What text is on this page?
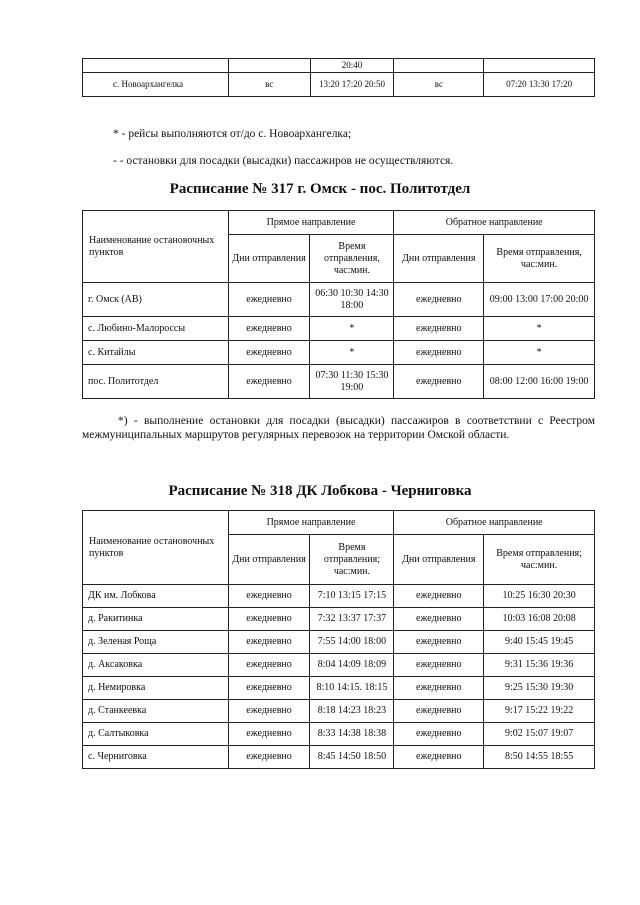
		20:40		
с. Новоархангелка	вс	13:20 17:20 20:50	вс	07:20 13:30 17:20
* - рейсы выполняются от/до с. Новоархангелка;
- - остановки для посадки (высадки) пассажиров не осуществляются.
Расписание № 317 г. Омск - пос. Политотдел
Наименование остановочных пунктов	Прямое направление		Обратное направление	
	Дни отправления	Время отправления, час:мин.	Дни отправления	Время отправления, час:мин.
г. Омск (АВ)	ежедневно	06:30 10:30 14:30 18:00	ежедневно	09:00 13:00 17:00 20:00
с. Любино-Малороссы	ежедневно	*	ежедневно	*
с. Китайлы	ежедневно	*	ежедневно	*
пос. Политотдел	ежедневно	07:30 11:30 15:30 19:00	ежедневно	08:00 12:00 16:00 19:00
*) - выполнение остановки для посадки (высадки) пассажиров в соответствии с Реестром межмуниципальных маршрутов регулярных перевозок на территории Омской области.
Расписание № 318 ДК Лобкова - Черниговка
Наименование остановочных пунктов	Прямое направление		Обратное направление	
	Дни отправления	Время отправления; час:мин.	Дни отправления	Время отправления; час:мин.
ДК им. Лобкова	ежедневно	7:10 13:15 17:15	ежедневно	10:25 16:30 20:30
д. Ракитинка	ежедневно	7:32 13:37 17:37	ежедневно	10:03 16:08 20:08
д. Зеленая Роща	ежедневно	7:55 14:00 18:00	ежедневно	9:40 15:45 19:45
д. Аксаковка	ежедневно	8:04 14:09 18:09	ежедневно	9:31 15:36 19:36
д. Немировка	ежедневно	8:10 14:15. 18:15	ежедневно	9:25 15:30 19:30
д. Станкеевка	ежедневно	8:18 14:23 18:23	ежедневно	9:17 15:22 19:22
д. Салтыковка	ежедневно	8:33 14:38 18:38	ежедневно	9:02 15:07 19:07
с. Черниговка	ежедневно	8:45 14:50 18:50	ежедневно	8:50 14:55 18:55
